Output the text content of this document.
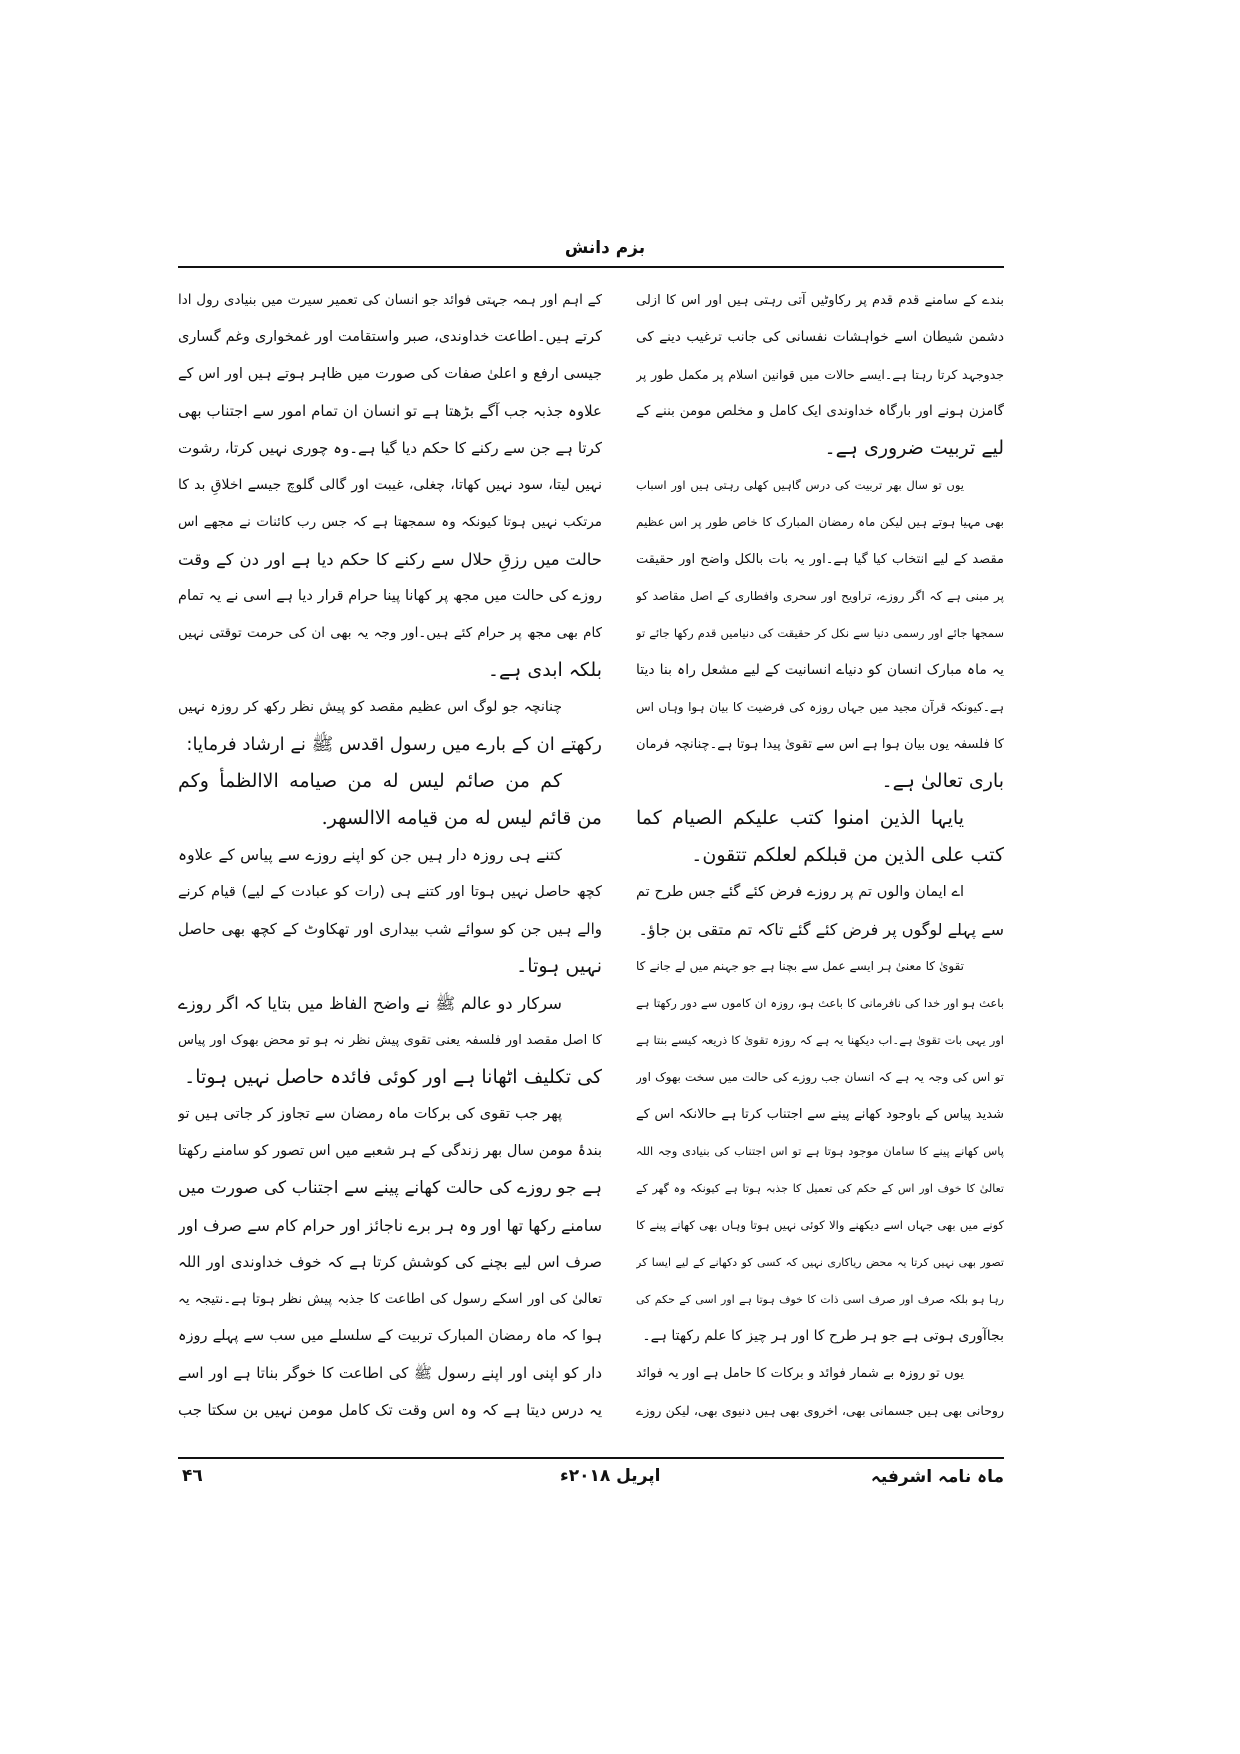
بزم دانش
بندے کے سامنے قدم قدم پر رکاوٹیں آتی رہتی ہیں اور اس کا ازلی
دشمن شیطان اسے خواہشات نفسانی کی جانب ترغیب دینے کی
جدوجہد کرتا رہتا ہے۔ایسے حالات میں قوانین اسلام پر مکمل طور پر
گامزن ہونے اور بارگاہ خداوندی ایک کامل و مخلص مومن بننے کے
لیے تربیت ضروری ہے۔
یوں تو سال بھر تربیت کی درس گاہیں کھلی رہتی ہیں اور اسباب
بھی مہیا ہوتے ہیں لیکن ماہ رمضان المبارک کا خاص طور پر اس عظیم
مقصد کے لیے انتخاب کیا گیا ہے۔اور یہ بات بالکل واضح اور حقیقت
پر مبنی ہے کہ اگر روزے، تراویح اور سحری وافطاری کے اصل مقاصد کو
سمجھا جائے اور رسمی دنیا سے نکل کر حقیقت کی دنیامیں قدم رکھا جائے تو
یہ ماہ مبارک انسان کو دنیاے انسانیت کے لیے مشعل راہ بنا دیتا
ہے۔کیونکہ قرآن مجید میں جہاں روزہ کی فرضیت کا بیان ہوا وہاں اس
کا فلسفہ یوں بیان ہوا ہے اس سے تقویٰ پیدا ہوتا ہے۔چنانچہ فرمان
باری تعالیٰ ہے۔
یایہا الذین امنوا کتب علیکم الصیام کما
کتب علی الذین من قبلکم لعلکم تتقون۔
اے ایمان والوں تم پر روزے فرض کئے گئے جس طرح تم
سے پہلے لوگوں پر فرض کئے گئے تاکہ تم متقی بن جاؤ۔
تقویٰ کا معنیٰ ہر ایسے عمل سے بچنا ہے جو جہنم میں لے جانے کا
باعث ہو اور خدا کی نافرمانی کا باعث ہو، روزہ ان کاموں سے دور رکھتا ہے
اور یہی بات تقویٰ ہے۔اب دیکھنا یہ ہے کہ روزہ تقویٰ کا ذریعہ کیسے بنتا ہے
تو اس کی وجہ یہ ہے کہ انسان جب روزے کی حالت میں سخت بھوک اور
شدید پیاس کے باوجود کھانے پینے سے اجتناب کرتا ہے حالانکہ اس کے
پاس کھانے پینے کا سامان موجود ہوتا ہے تو اس اجتناب کی بنیادی وجہ اللہ
تعالیٰ کا خوف اور اس کے حکم کی تعمیل کا جذبہ ہوتا ہے کیونکہ وہ گھر کے
کونے میں بھی جہاں اسے دیکھنے والا کوئی نہیں ہوتا وہاں بھی کھانے پینے کا
تصور بھی نہیں کرتا یہ محض ریاکاری نہیں کہ کسی کو دکھانے کے لیے ایسا کر
رہا ہو بلکہ صرف اور صرف اسی ذات کا خوف ہوتا ہے اور اسی کے حکم کی
بجاآوری ہوتی ہے جو ہر طرح کا اور ہر چیز کا علم رکھتا ہے۔
یوں تو روزہ بے شمار فوائد و برکات کا حامل ہے اور یہ فوائد
روحانی بھی ہیں جسمانی بھی، اخروی بھی ہیں دنیوی بھی، لیکن روزے
کے اہم اور ہمہ جہتی فوائد جو انسان کی تعمیر سیرت میں بنیادی رول ادا
کرتے ہیں۔اطاعت خداوندی، صبر واستقامت اور غمخواری وغم گساری
جیسی ارفع و اعلیٰ صفات کی صورت میں ظاہر ہوتے ہیں اور اس کے
علاوہ جذبہ جب آگے بڑھتا ہے تو انسان ان تمام امور سے اجتناب بھی
کرتا ہے جن سے رکنے کا حکم دیا گیا ہے۔وہ چوری نہیں کرتا، رشوت
نہیں لیتا، سود نہیں کھاتا، چغلی، غیبت اور گالی گلوچ جیسے اخلاقِ بد کا
مرتکب نہیں ہوتا کیونکہ وہ سمجھتا ہے کہ جس رب کائنات نے مجھے اس
حالت میں رزقِ حلال سے رکنے کا حکم دیا ہے اور دن کے وقت
روزے کی حالت میں مجھ پر کھانا پینا حرام قرار دیا ہے اسی نے یہ تمام
کام بھی مجھ پر حرام کئے ہیں۔اور وجہ یہ بھی ان کی حرمت توقتی نہیں
بلکہ ابدی ہے۔
چنانچہ جو لوگ اس عظیم مقصد کو پیش نظر رکھ کر روزہ نہیں
رکھتے ان کے بارے میں رسول اقدس ﷺ نے ارشاد فرمایا:
کم من صائم لیس له من صیامه الاالظمأ وکم
من قائم لیس له من قیامه الاالسهر.
کتنے ہی روزہ دار ہیں جن کو اپنے روزے سے پیاس کے علاوہ
کچھ حاصل نہیں ہوتا اور کتنے ہی (رات کو عبادت کے لیے) قیام کرنے
والے ہیں جن کو سوائے شب بیداری اور تھکاوٹ کے کچھ بھی حاصل
نہیں ہوتا۔
سرکار دو عالم ﷺ نے واضح الفاظ میں بتایا کہ اگر روزے
کا اصل مقصد اور فلسفہ یعنی تقوی پیش نظر نہ ہو تو محض بھوک اور پیاس
کی تکلیف اٹھانا ہے اور کوئی فائدہ حاصل نہیں ہوتا۔
پھر جب تقوی کی برکات ماہ رمضان سے تجاوز کر جاتی ہیں تو
بندۂ مومن سال بھر زندگی کے ہر شعبے میں اس تصور کو سامنے رکھتا
ہے جو روزے کی حالت کھانے پینے سے اجتناب کی صورت میں
سامنے رکھا تھا اور وہ ہر برے ناجائز اور حرام کام سے صرف اور
صرف اس لیے بچنے کی کوشش کرتا ہے کہ خوف خداوندی اور اللہ
تعالیٰ کی اور اسکے رسول کی اطاعت کا جذبہ پیش نظر ہوتا ہے۔نتیجہ یہ
ہوا کہ ماہ رمضان المبارک تربیت کے سلسلے میں سب سے پہلے روزہ
دار کو اپنی اور اپنے رسول ﷺ کی اطاعت کا خوگر بناتا ہے اور اسے
یہ درس دیتا ہے کہ وہ اس وقت تک کامل مومن نہیں بن سکتا جب
ماہ نامہ اشرفیہ
اپریل ۲۰۱۸ء
۴٦
